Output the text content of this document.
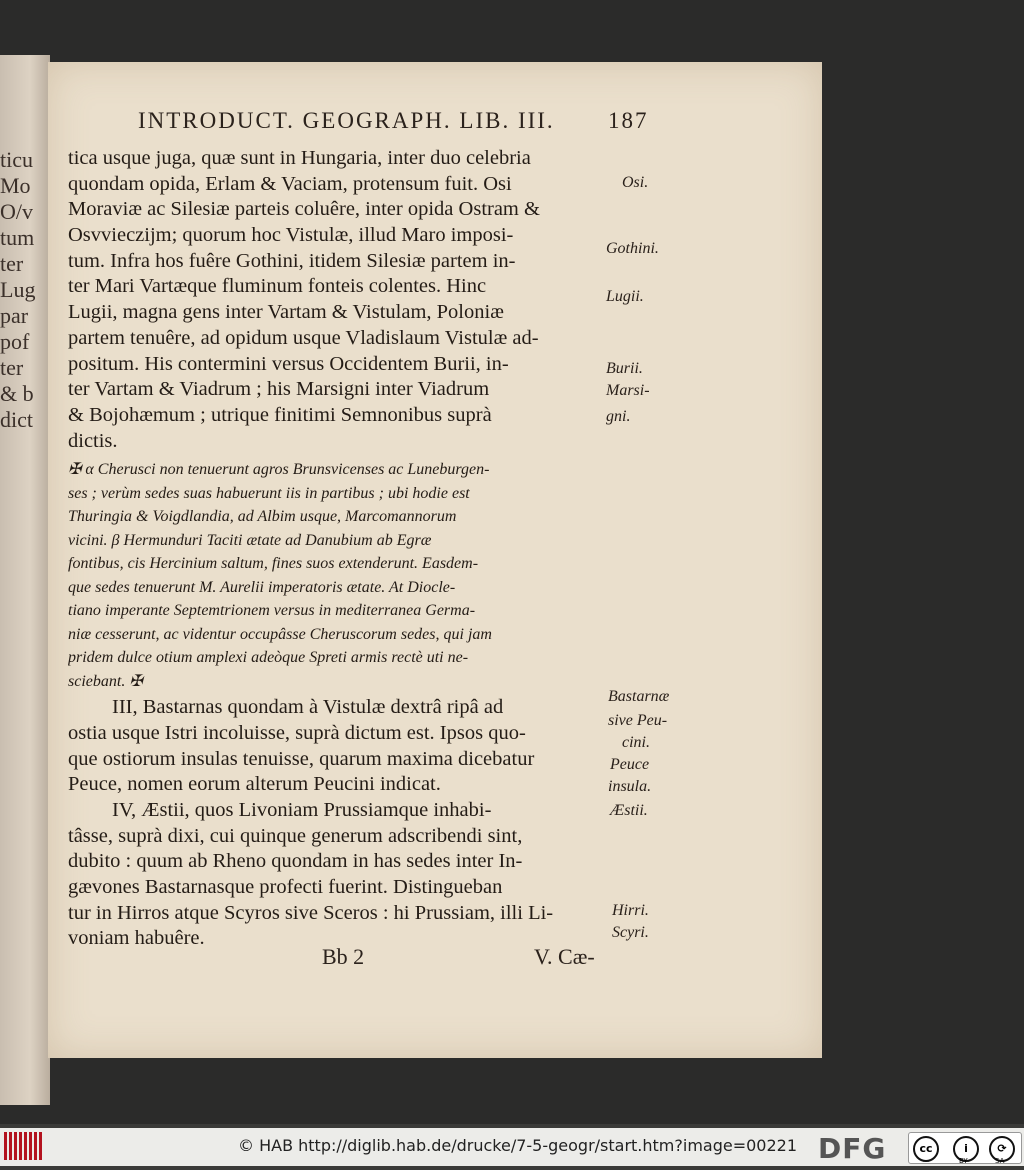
ticu
Mo
O/v
tum
ter
Lug
par
pof
ter
& b
dict
INTRODUCT. GEOGRAPH. LIB. III. 187
tica usque juga, quæ sunt in Hungaria, inter duo celebria
quondam opida, Erlam & Vaciam, protensum fuit. Osi
Moraviæ ac Silesiæ parteis coluêre, inter opida Ostram &
Osvvieczijm; quorum hoc Vistulæ, illud Maro imposi-
tum. Infra hos fuêre Gothini, itidem Silesiæ partem in-
ter Mari Vartæque fluminum fonteis colentes. Hinc
Lugii, magna gens inter Vartam & Vistulam, Poloniæ
partem tenuêre, ad opidum usque Vladislaum Vistulæ ad-
positum. His contermini versus Occidentem Burii, in-
ter Vartam & Viadrum ; his Marsigni inter Viadrum
& Bojohæmum ; utrique finitimi Semnonibus suprà
dictis.
✠ α Cherusci non tenuerunt agros Brunsvicenses ac Luneburgen-
ses ; verùm sedes suas habuerunt iis in partibus ; ubi hodie est
Thuringia & Voigdlandia, ad Albim usque, Marcomannorum
vicini. β Hermunduri Taciti ætate ad Danubium ab Egræ
fontibus, cis Hercinium saltum, fines suos extenderunt. Easdem-
que sedes tenuerunt M. Aurelii imperatoris ætate. At Diocle-
tiano imperante Septemtrionem versus in mediterranea Germa-
niæ cesserunt, ac videntur occupâsse Cheruscorum sedes, qui jam
pridem dulce otium amplexi adeòque Spreti armis rectè uti ne-
sciebant. ✠
III, Bastarnas quondam à Vistulæ dextrâ ripâ ad
ostia usque Istri incoluisse, suprà dictum est. Ipsos quo-
que ostiorum insulas tenuisse, quarum maxima dicebatur
Peuce, nomen eorum alterum Peucini indicat.
IV, Æstii, quos Livoniam Prussiamque inhabi-
tâsse, suprà dixi, cui quinque generum adscribendi sint,
dubito : quum ab Rheno quondam in has sedes inter In-
gævones Bastarnasque profecti fuerint. Distingueban
tur in Hirros atque Scyros sive Sceros : hi Prussiam, illi Li-
voniam habuêre.
Osi.
Gothini.
Lugii.
Burii.
Marsi-
gni.
Bastarnæ
sive Peu-
cini.
Peuce
insula.
Æstii.
Hirri.
Scyri.
Bb 2	V. Cæ-
© HAB http://diglib.hab.de/drucke/7-5-geogr/start.htm?image=00221 DFG	cc	i	⟳
BY	SA
